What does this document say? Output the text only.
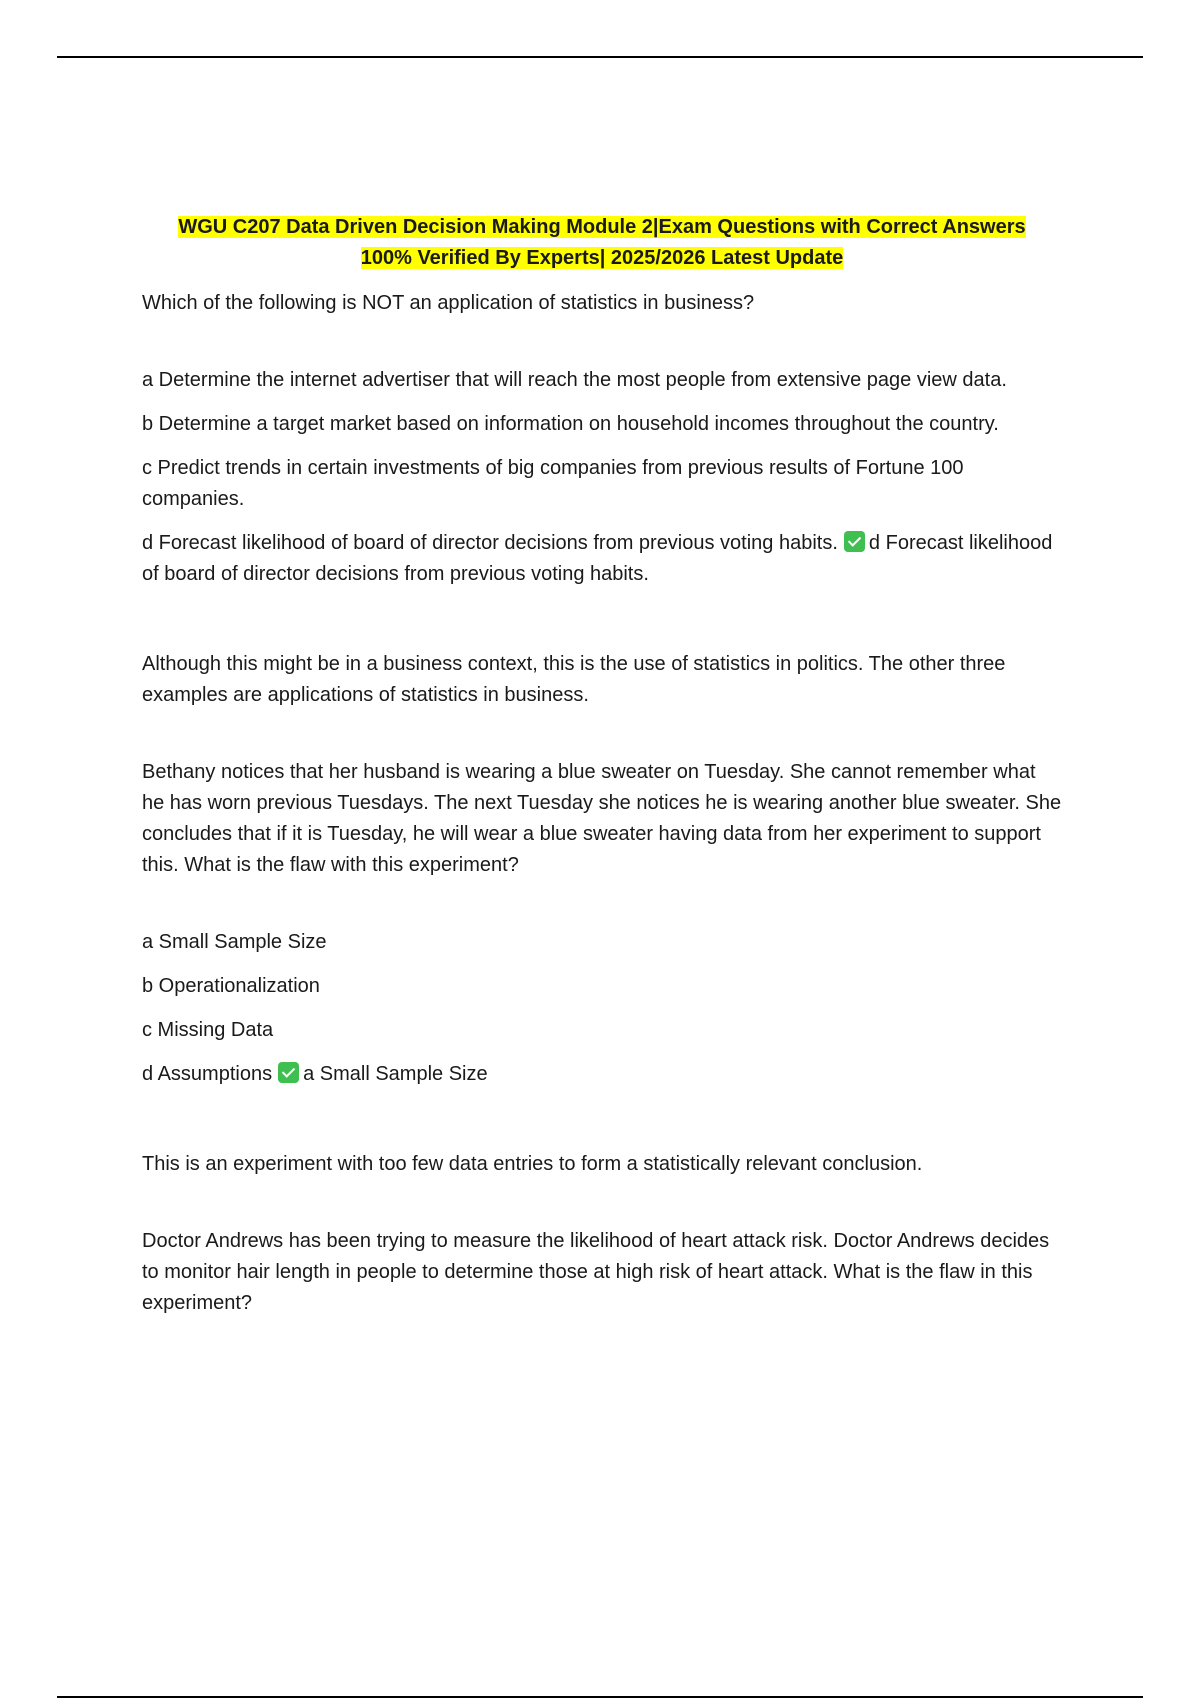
WGU C207 Data Driven Decision Making Module 2|Exam Questions with Correct Answers
100% Verified By Experts| 2025/2026 Latest Update

Which of the following is NOT an application of statistics in business?

a Determine the internet advertiser that will reach the most people from extensive page view data.

b Determine a target market based on information on household incomes throughout the country.

c Predict trends in certain investments of big companies from previous results of Fortune 100 companies.

d Forecast likelihood of board of director decisions from previous voting habits. d Forecast likelihood of board of director decisions from previous voting habits.

Although this might be in a business context, this is the use of statistics in politics. The other three examples are applications of statistics in business.

Bethany notices that her husband is wearing a blue sweater on Tuesday. She cannot remember what he has worn previous Tuesdays. The next Tuesday she notices he is wearing another blue sweater. She concludes that if it is Tuesday, he will wear a blue sweater having data from her experiment to support this. What is the flaw with this experiment?

a Small Sample Size

b Operationalization

c Missing Data

d Assumptions a Small Sample Size

This is an experiment with too few data entries to form a statistically relevant conclusion.

Doctor Andrews has been trying to measure the likelihood of heart attack risk. Doctor Andrews decides to monitor hair length in people to determine those at high risk of heart attack. What is the flaw in this experiment?
